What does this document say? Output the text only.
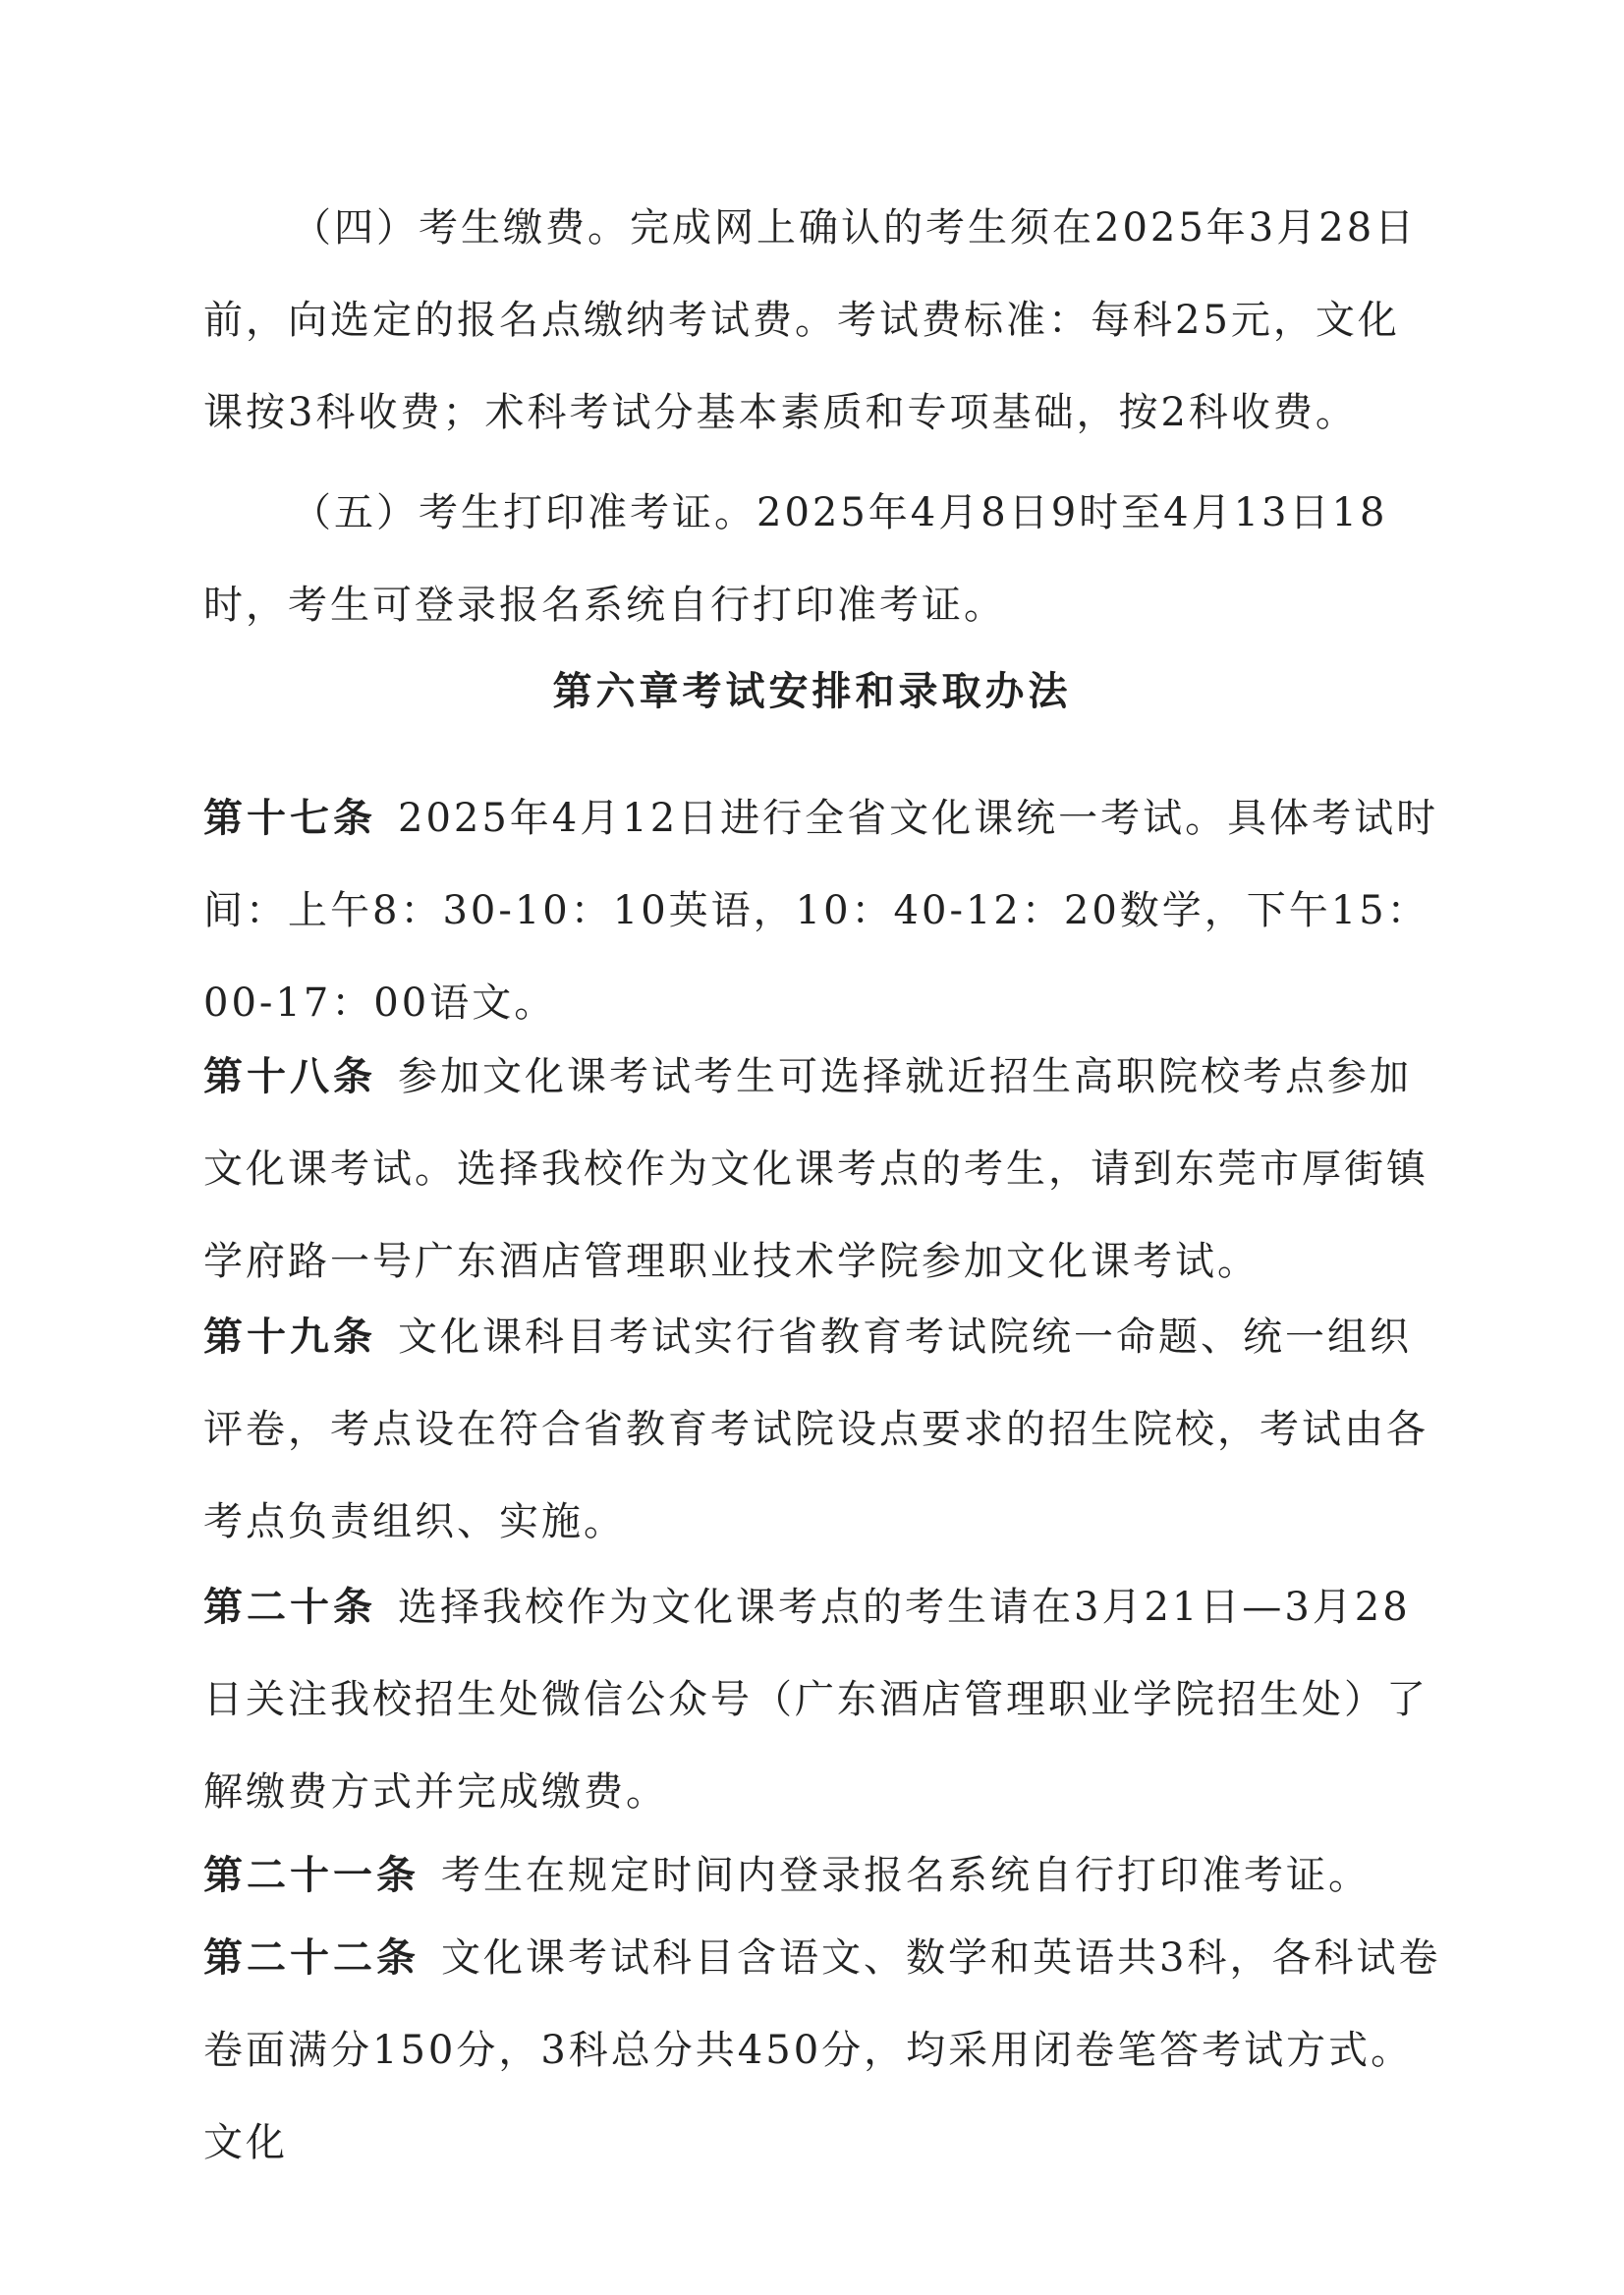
（四）考生缴费。完成网上确认的考生须在2025年3月28日前，向选定的报名点缴纳考试费。考试费标准：每科25元，文化课按3科收费；术科考试分基本素质和专项基础，按2科收费。

（五）考生打印准考证。2025年4月8日9时至4月13日18时，考生可登录报名系统自行打印准考证。

第六章考试安排和录取办法

第十七条 2025年4月12日进行全省文化课统一考试。具体考试时间：上午8：30-10：10英语，10：40-12：20数学，下午15：00-17：00语文。

第十八条 参加文化课考试考生可选择就近招生高职院校考点参加文化课考试。选择我校作为文化课考点的考生，请到东莞市厚街镇学府路一号广东酒店管理职业技术学院参加文化课考试。

第十九条 文化课科目考试实行省教育考试院统一命题、统一组织评卷，考点设在符合省教育考试院设点要求的招生院校，考试由各考点负责组织、实施。

第二十条 选择我校作为文化课考点的考生请在3月21日—3月28日关注我校招生处微信公众号（广东酒店管理职业学院招生处）了解缴费方式并完成缴费。

第二十一条 考生在规定时间内登录报名系统自行打印准考证。

第二十二条 文化课考试科目含语文、数学和英语共3科，各科试卷卷面满分150分，3科总分共450分，均采用闭卷笔答考试方式。文化
